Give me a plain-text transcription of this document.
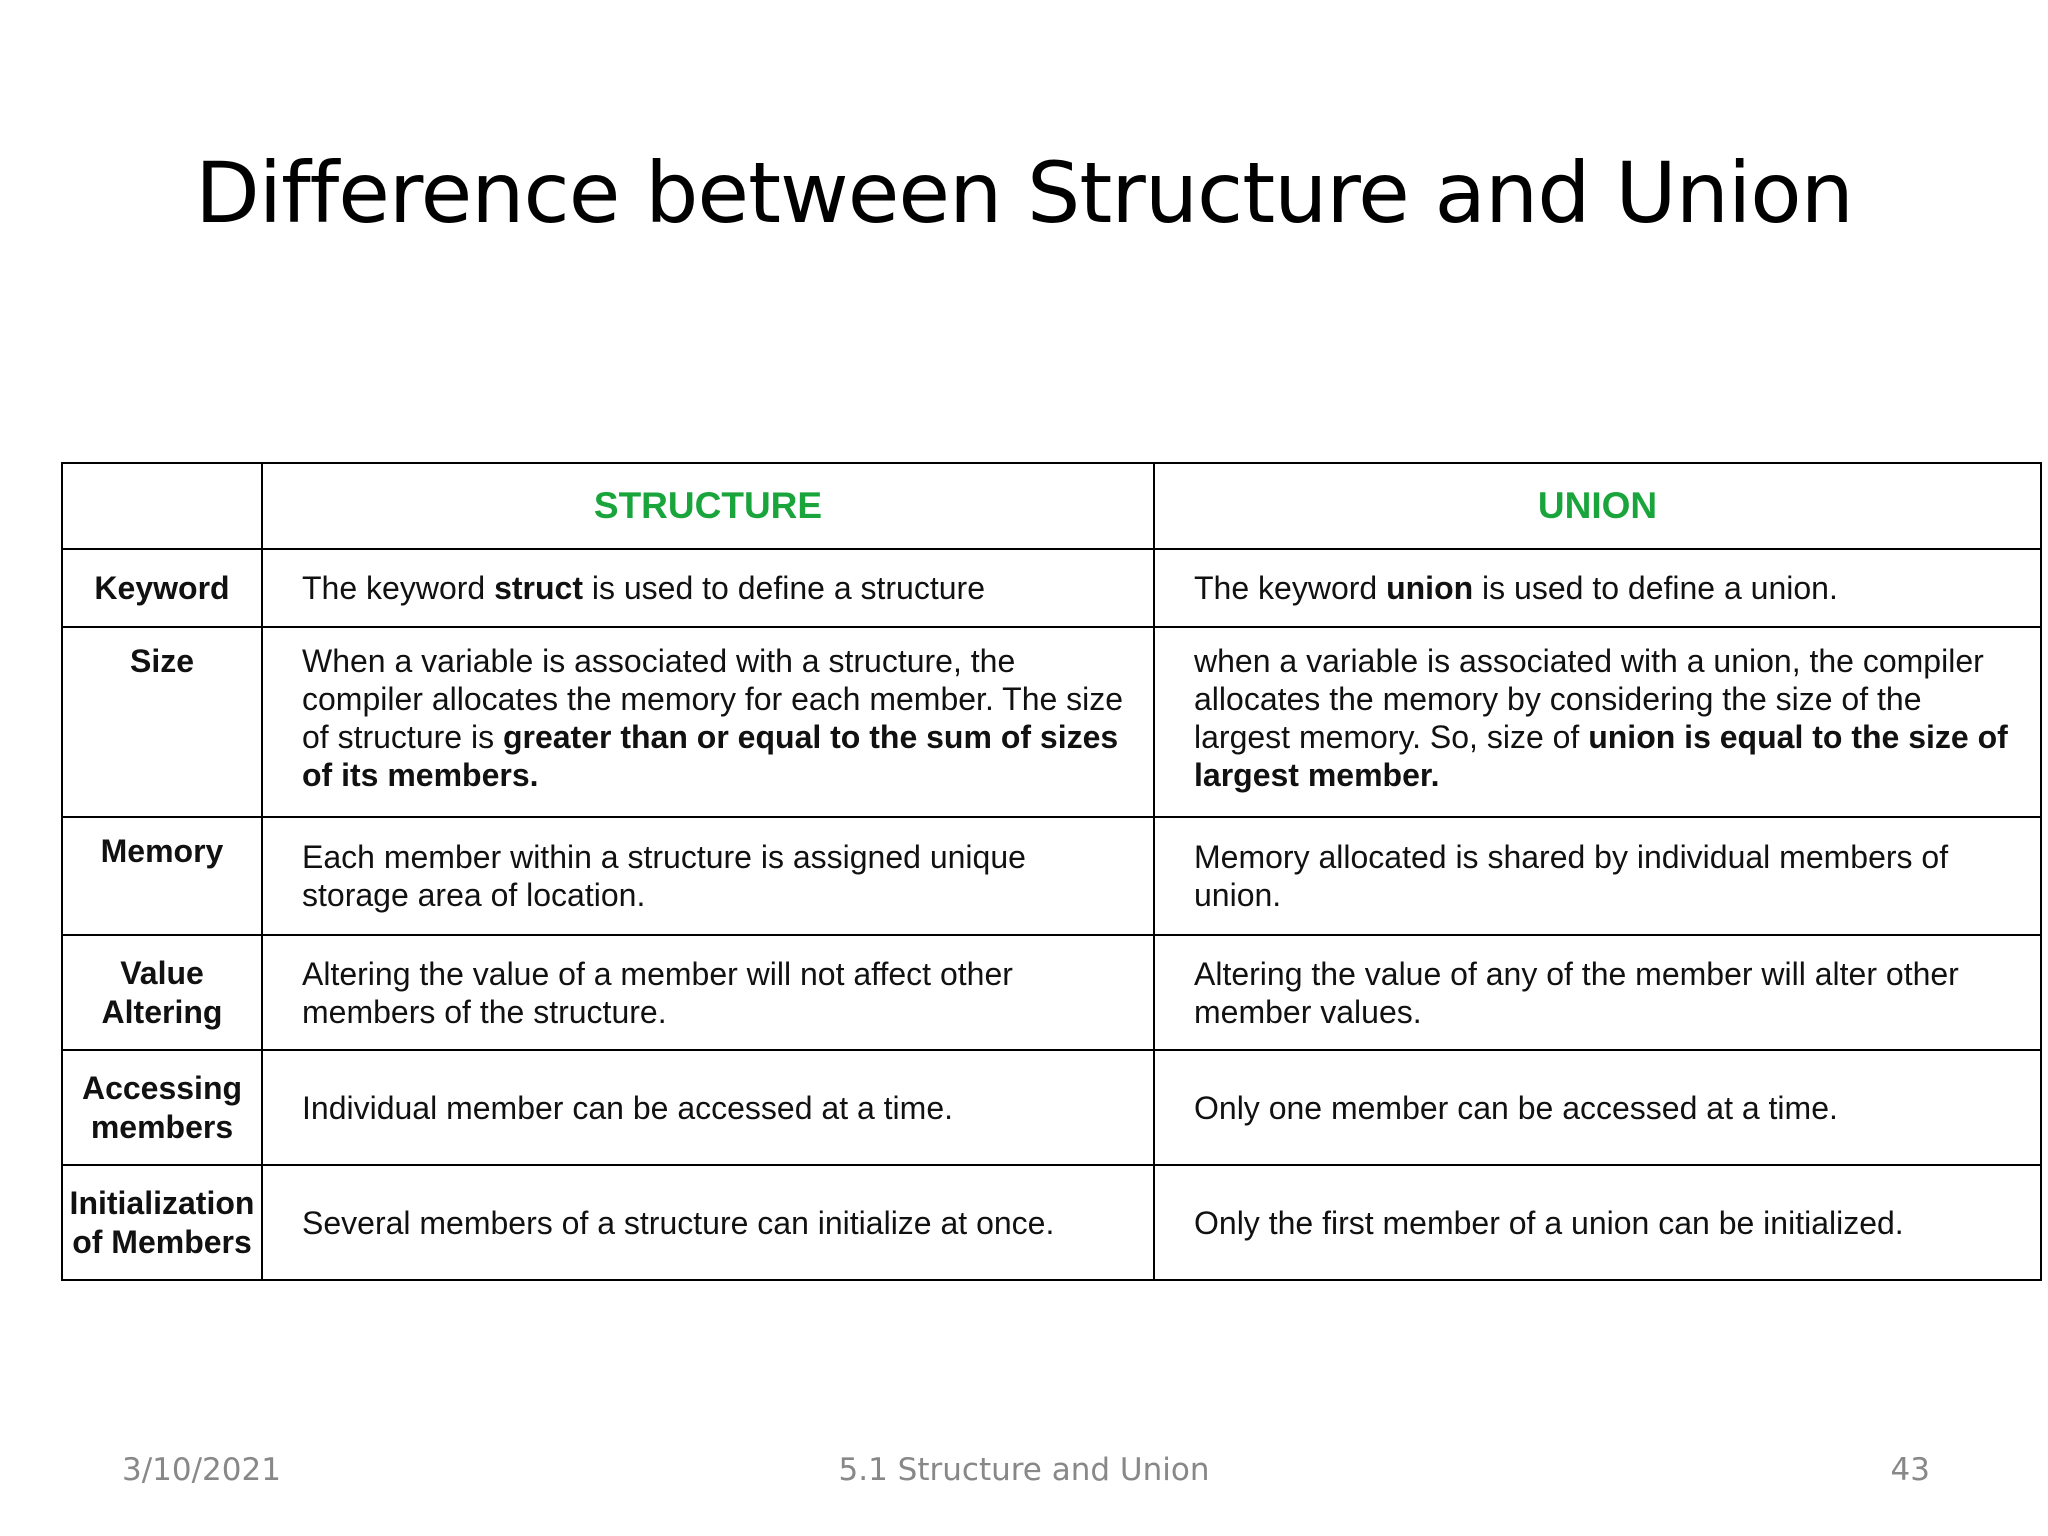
Difference between Structure and Union
	STRUCTURE	UNION
Keyword	The keyword struct is used to define a structure	The keyword union is used to define a union.
Size	When a variable is associated with a structure, the compiler allocates the memory for each member. The size of structure is greater than or equal to the sum of sizes of its members.	when a variable is associated with a union, the compiler allocates the memory by considering the size of the largest memory. So, size of union is equal to the size of largest member.
Memory	Each member within a structure is assigned unique storage area of location.	Memory allocated is shared by individual members of union.
Value Altering	Altering the value of a member will not affect other members of the structure.	Altering the value of any of the member will alter other member values.
Accessing members	Individual member can be accessed at a time.	Only one member can be accessed at a time.
Initialization of Members	Several members of a structure can initialize at once.	Only the first member of a union can be initialized.
3/10/2021	5.1 Structure and Union	43
